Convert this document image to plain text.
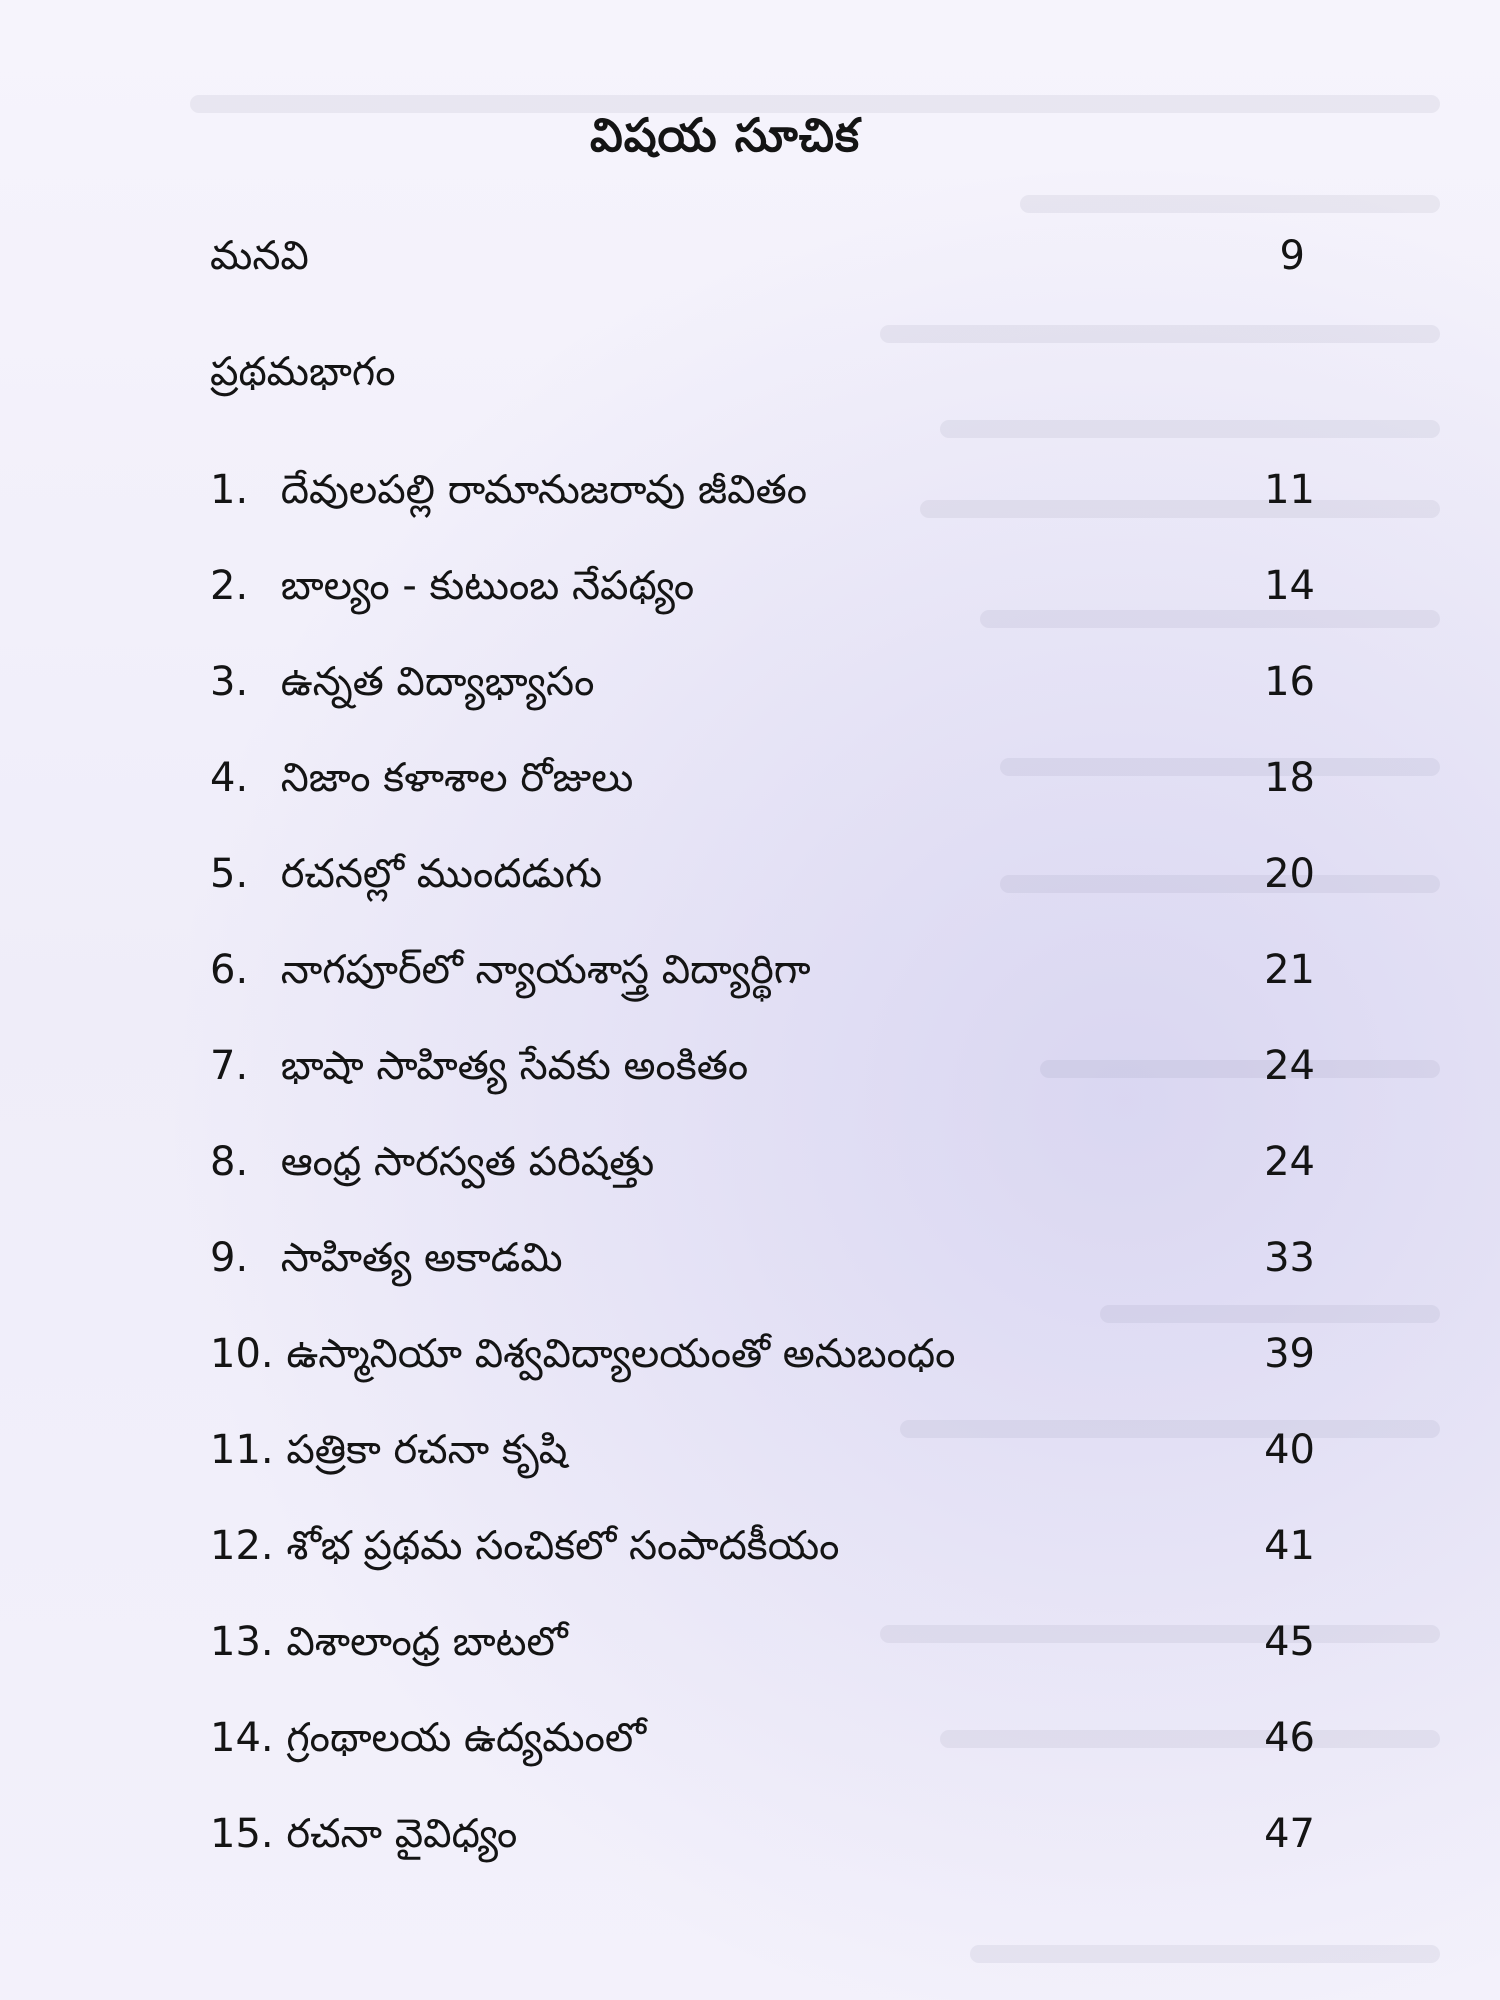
విషయ సూచిక
మనవి	9
ప్రథమభాగం
1. దేవులపల్లి రామానుజరావు జీవితం	11
2. బాల్యం - కుటుంబ నేపథ్యం	14
3. ఉన్నత విద్యాభ్యాసం	16
4. నిజాం కళాశాల రోజులు	18
5. రచనల్లో ముందడుగు	20
6. నాగపూర్‌లో న్యాయశాస్త్ర విద్యార్థిగా	21
7. భాషా సాహిత్య సేవకు అంకితం	24
8. ఆంధ్ర సారస్వత పరిషత్తు	24
9. సాహిత్య అకాడమి	33
10. ఉస్మానియా విశ్వవిద్యాలయంతో అనుబంధం	39
11. పత్రికా రచనా కృషి	40
12. శోభ ప్రథమ సంచికలో సంపాదకీయం	41
13. విశాలాంధ్ర బాటలో	45
14. గ్రంథాలయ ఉద్యమంలో	46
15. రచనా వైవిధ్యం	47
